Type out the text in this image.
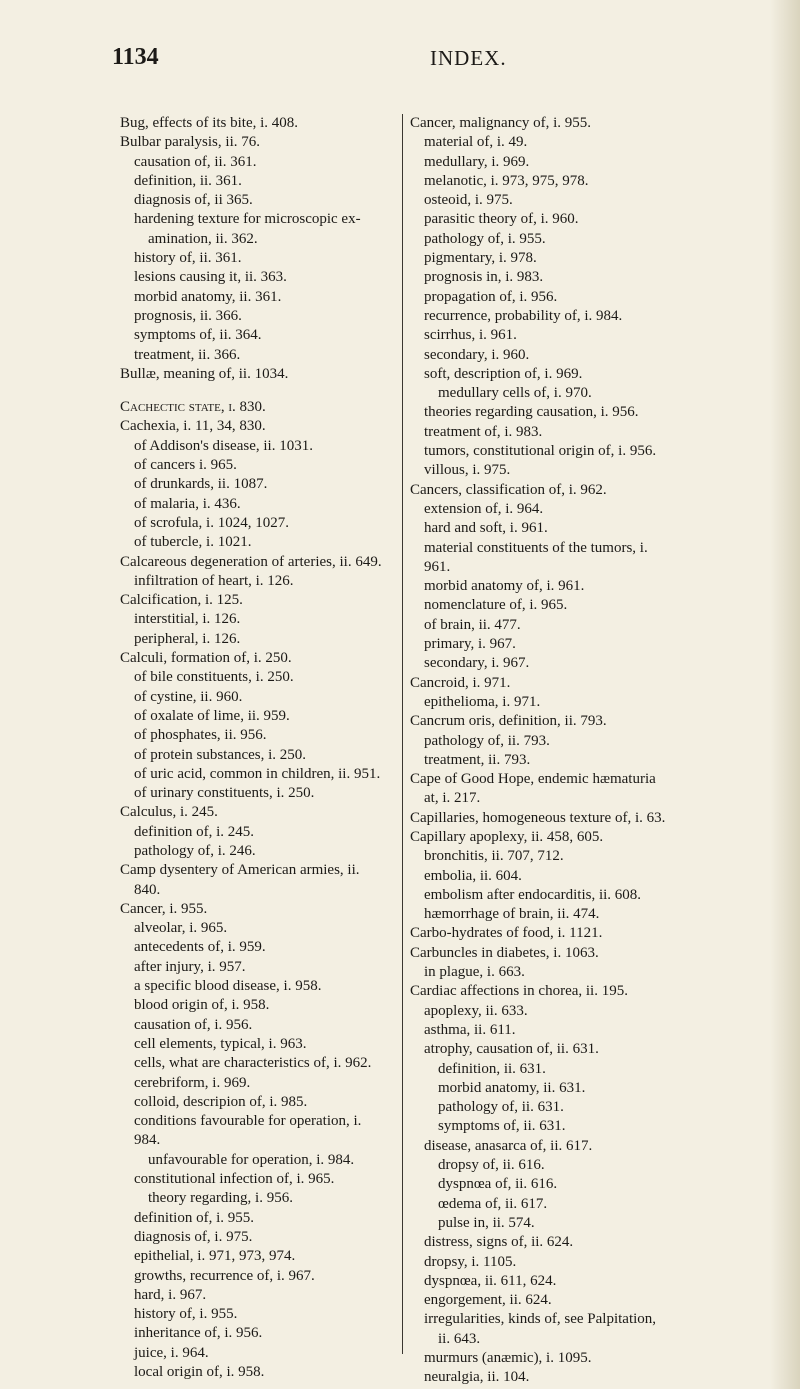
1134	INDEX.
Bug, effects of its bite, i. 408.
Bulbar paralysis, ii. 76.
causation of, ii. 361.
definition, ii. 361.
diagnosis of, ii 365.
hardening texture for microscopic ex-
amination, ii. 362.
history of, ii. 361.
lesions causing it, ii. 363.
morbid anatomy, ii. 361.
prognosis, ii. 366.
symptoms of, ii. 364.
treatment, ii. 366.
Bullæ, meaning of, ii. 1034.
Cachectic state, i. 830.
Cachexia, i. 11, 34, 830.
of Addison's disease, ii. 1031.
of cancers i. 965.
of drunkards, ii. 1087.
of malaria, i. 436.
of scrofula, i. 1024, 1027.
of tubercle, i. 1021.
Calcareous degeneration of arteries, ii. 649.
infiltration of heart, i. 126.
Calcification, i. 125.
interstitial, i. 126.
peripheral, i. 126.
Calculi, formation of, i. 250.
of bile constituents, i. 250.
of cystine, ii. 960.
of oxalate of lime, ii. 959.
of phosphates, ii. 956.
of protein substances, i. 250.
of uric acid, common in children, ii. 951.
of urinary constituents, i. 250.
Calculus, i. 245.
definition of, i. 245.
pathology of, i. 246.
Camp dysentery of American armies, ii.
840.
Cancer, i. 955.
alveolar, i. 965.
antecedents of, i. 959.
after injury, i. 957.
a specific blood disease, i. 958.
blood origin of, i. 958.
causation of, i. 956.
cell elements, typical, i. 963.
cells, what are characteristics of, i. 962.
cerebriform, i. 969.
colloid, descripion of, i. 985.
conditions favourable for operation, i.
984.
unfavourable for operation, i. 984.
constitutional infection of, i. 965.
theory regarding, i. 956.
definition of, i. 955.
diagnosis of, i. 975.
epithelial, i. 971, 973, 974.
growths, recurrence of, i. 967.
hard, i. 967.
history of, i. 955.
inheritance of, i. 956.
juice, i. 964.
local origin of, i. 958.
Cancer, malignancy of, i. 955.
material of, i. 49.
medullary, i. 969.
melanotic, i. 973, 975, 978.
osteoid, i. 975.
parasitic theory of, i. 960.
pathology of, i. 955.
pigmentary, i. 978.
prognosis in, i. 983.
propagation of, i. 956.
recurrence, probability of, i. 984.
scirrhus, i. 961.
secondary, i. 960.
soft, description of, i. 969.
medullary cells of, i. 970.
theories regarding causation, i. 956.
treatment of, i. 983.
tumors, constitutional origin of, i. 956.
villous, i. 975.
Cancers, classification of, i. 962.
extension of, i. 964.
hard and soft, i. 961.
material constituents of the tumors, i.
961.
morbid anatomy of, i. 961.
nomenclature of, i. 965.
of brain, ii. 477.
primary, i. 967.
secondary, i. 967.
Cancroid, i. 971.
epithelioma, i. 971.
Cancrum oris, definition, ii. 793.
pathology of, ii. 793.
treatment, ii. 793.
Cape of Good Hope, endemic hæmaturia
at, i. 217.
Capillaries, homogeneous texture of, i. 63.
Capillary apoplexy, ii. 458, 605.
bronchitis, ii. 707, 712.
embolia, ii. 604.
embolism after endocarditis, ii. 608.
hæmorrhage of brain, ii. 474.
Carbo-hydrates of food, i. 1121.
Carbuncles in diabetes, i. 1063.
in plague, i. 663.
Cardiac affections in chorea, ii. 195.
apoplexy, ii. 633.
asthma, ii. 611.
atrophy, causation of, ii. 631.
definition, ii. 631.
morbid anatomy, ii. 631.
pathology of, ii. 631.
symptoms of, ii. 631.
disease, anasarca of, ii. 617.
dropsy of, ii. 616.
dyspnœa of, ii. 616.
œdema of, ii. 617.
pulse in, ii. 574.
distress, signs of, ii. 624.
dropsy, i. 1105.
dyspnœa, ii. 611, 624.
engorgement, ii. 624.
irregularities, kinds of, see Palpitation,
ii. 643.
murmurs (anæmic), i. 1095.
neuralgia, ii. 104.
